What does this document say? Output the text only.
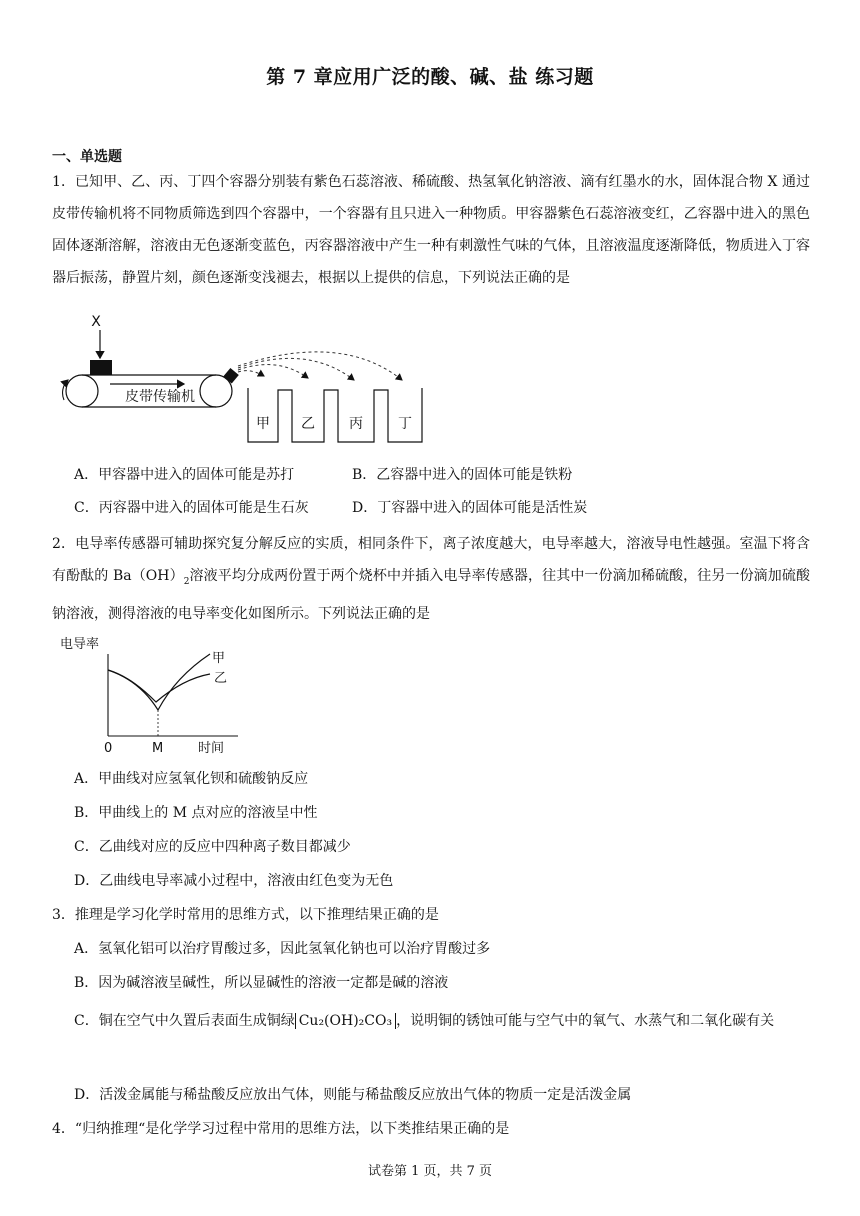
第 7 章应用广泛的酸、碱、盐 练习题
一、单选题
1．已知甲、乙、丙、丁四个容器分别装有紫色石蕊溶液、稀硫酸、热氢氧化钠溶液、滴有红墨水的水，固体混合物 X 通过皮带传输机将不同物质筛选到四个容器中，一个容器有且只进入一种物质。甲容器紫色石蕊溶液变红，乙容器中进入的黑色固体逐渐溶解，溶液由无色逐渐变蓝色，丙容器溶液中产生一种有刺激性气味的气体，且溶液温度逐渐降低，物质进入丁容器后振荡，静置片刻，颜色逐渐变浅褪去，根据以上提供的信息，下列说法正确的是
X
皮带传输机
甲 乙 丙	丁
A．甲容器中进入的固体可能是苏打	B．乙容器中进入的固体可能是铁粉
C．丙容器中进入的固体可能是生石灰	D．丁容器中进入的固体可能是活性炭
2．电导率传感器可辅助探究复分解反应的实质，相同条件下，离子浓度越大，电导率越大，溶液导电性越强。室温下将含有酚酞的 $Ba(OH)_2$溶液平均分成两份置于两个烧杯中并插入电导率传感器，往其中一份滴加稀硫酸，往另一份滴加硫酸钠溶液，测得溶液的电导率变化如图所示。下列说法正确的是
电导率
甲
乙
0	M	时间
A．甲曲线对应氢氧化钡和硫酸钠反应
B．甲曲线上的 M 点对应的溶液呈中性
C．乙曲线对应的反应中四种离子数目都减少
D．乙曲线电导率减小过程中，溶液由红色变为无色
3．推理是学习化学时常用的思维方式，以下推理结果正确的是
A．氢氧化铝可以治疗胃酸过多，因此氢氧化钠也可以治疗胃酸过多
B．因为碱溶液呈碱性，所以显碱性的溶液一定都是碱的溶液
C．铜在空气中久置后表面生成铜绿 Cu₂(OH)₂CO₃ ，说明铜的锈蚀可能与空气中的氧气、水蒸气和二氧化碳有关
D．活泼金属能与稀盐酸反应放出气体，则能与稀盐酸反应放出气体的物质一定是活泼金属
4．“归纳推理“是化学学习过程中常用的思维方法，以下类推结果正确的是
试卷第 1 页，共 7 页
